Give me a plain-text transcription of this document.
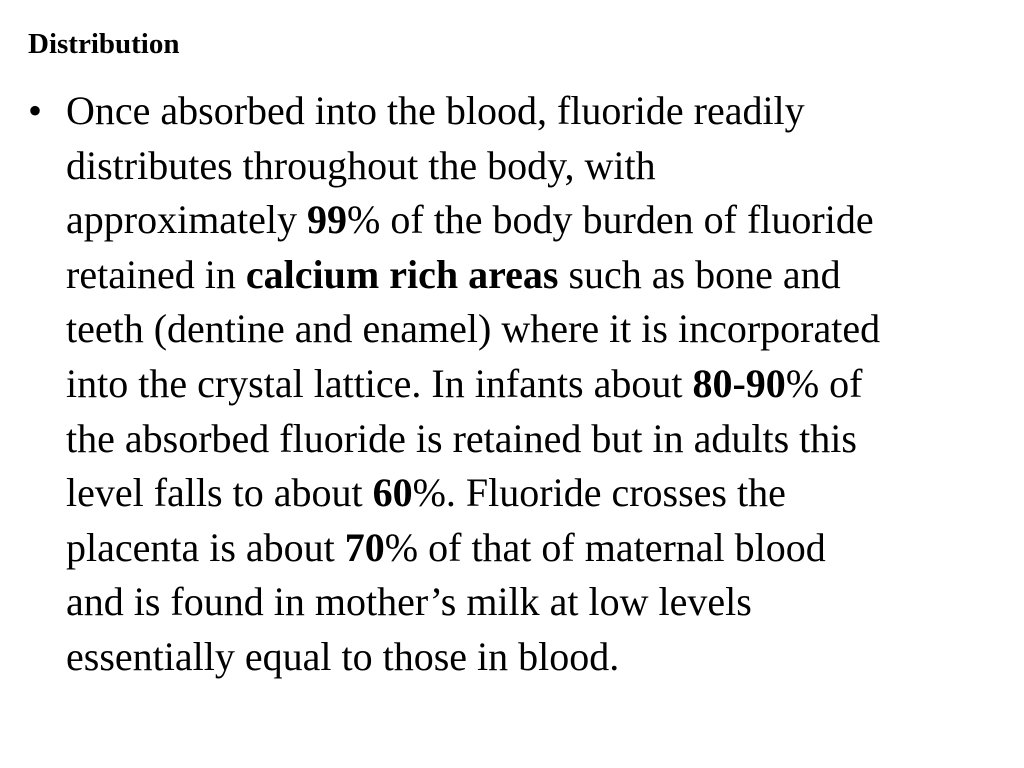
Distribution
• Once absorbed into the blood, fluoride readily
distributes throughout the body, with
approximately 99% of the body burden of fluoride
retained in calcium rich areas such as bone and
teeth (dentine and enamel) where it is incorporated
into the crystal lattice. In infants about 80-90% of
the absorbed fluoride is retained but in adults this
level falls to about 60%. Fluoride crosses the
placenta is about 70% of that of maternal blood
and is found in mother’s milk at low levels
essentially equal to those in blood.
